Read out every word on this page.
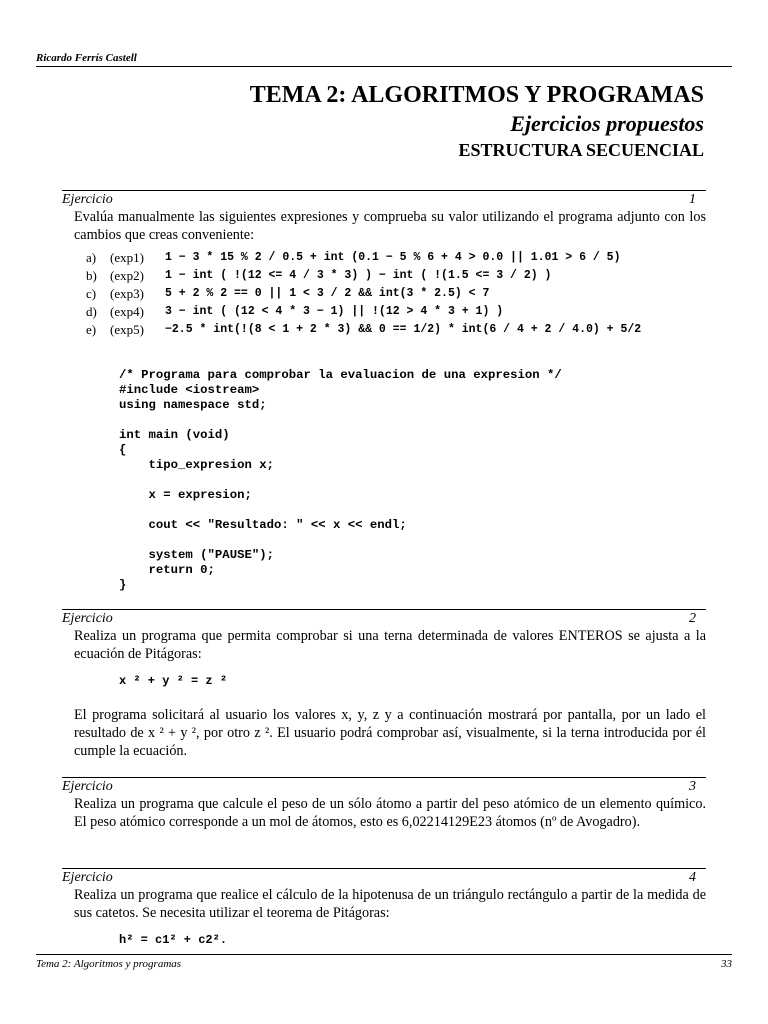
Ricardo Ferrís Castell
TEMA 2: ALGORITMOS Y PROGRAMAS
Ejercicios propuestos
ESTRUCTURA SECUENCIAL
Ejercicio	1
Evalúa manualmente las siguientes expresiones y comprueba su valor utilizando el programa adjunto con los cambios que creas conveniente:
a)	(exp1)	1 − 3 * 15 % 2 / 0.5 + int (0.1 − 5 % 6 + 4 > 0.0 || 1.01 > 6 / 5)
b)	(exp2)	1 − int ( !(12 <= 4 / 3 * 3) ) − int ( !(1.5 <= 3 / 2) )
c)	(exp3)	5 + 2 % 2 == 0 || 1 < 3 / 2 && int(3 * 2.5) < 7
d)	(exp4)	3 − int ( (12 < 4 * 3 − 1) || !(12 > 4 * 3 + 1) )
e)	(exp5)	−2.5 * int(!(8 < 1 + 2 * 3) && 0 == 1/2) * int(6 / 4 + 2 / 4.0) + 5/2
/* Programa para comprobar la evaluacion de una expresion */
#include <iostream>
using namespace std;

int main (void)
{
tipo_expresion x;

x = expresion;

cout << "Resultado: " << x << endl;

system ("PAUSE");
return 0;
}
Ejercicio	2
Realiza un programa que permita comprobar si una terna determinada de valores ENTEROS se ajusta a la ecuación de Pitágoras:
x ² + y ² = z ²
El programa solicitará al usuario los valores x, y, z y a continuación mostrará por pantalla, por un lado el resultado de x ² + y ², por otro z ². El usuario podrá comprobar así, visualmente, si la terna introducida por él cumple la ecuación.
Ejercicio	3
Realiza un programa que calcule el peso de un sólo átomo a partir del peso atómico de un elemento químico. El peso atómico corresponde a un mol de átomos, esto es 6,02214129E23 átomos (nº de Avogadro).
Ejercicio	4
Realiza un programa que realice el cálculo de la hipotenusa de un triángulo rectángulo a partir de la medida de sus catetos. Se necesita utilizar el teorema de Pitágoras:
h² = c1² + c2².
Tema 2: Algoritmos y programas	33
